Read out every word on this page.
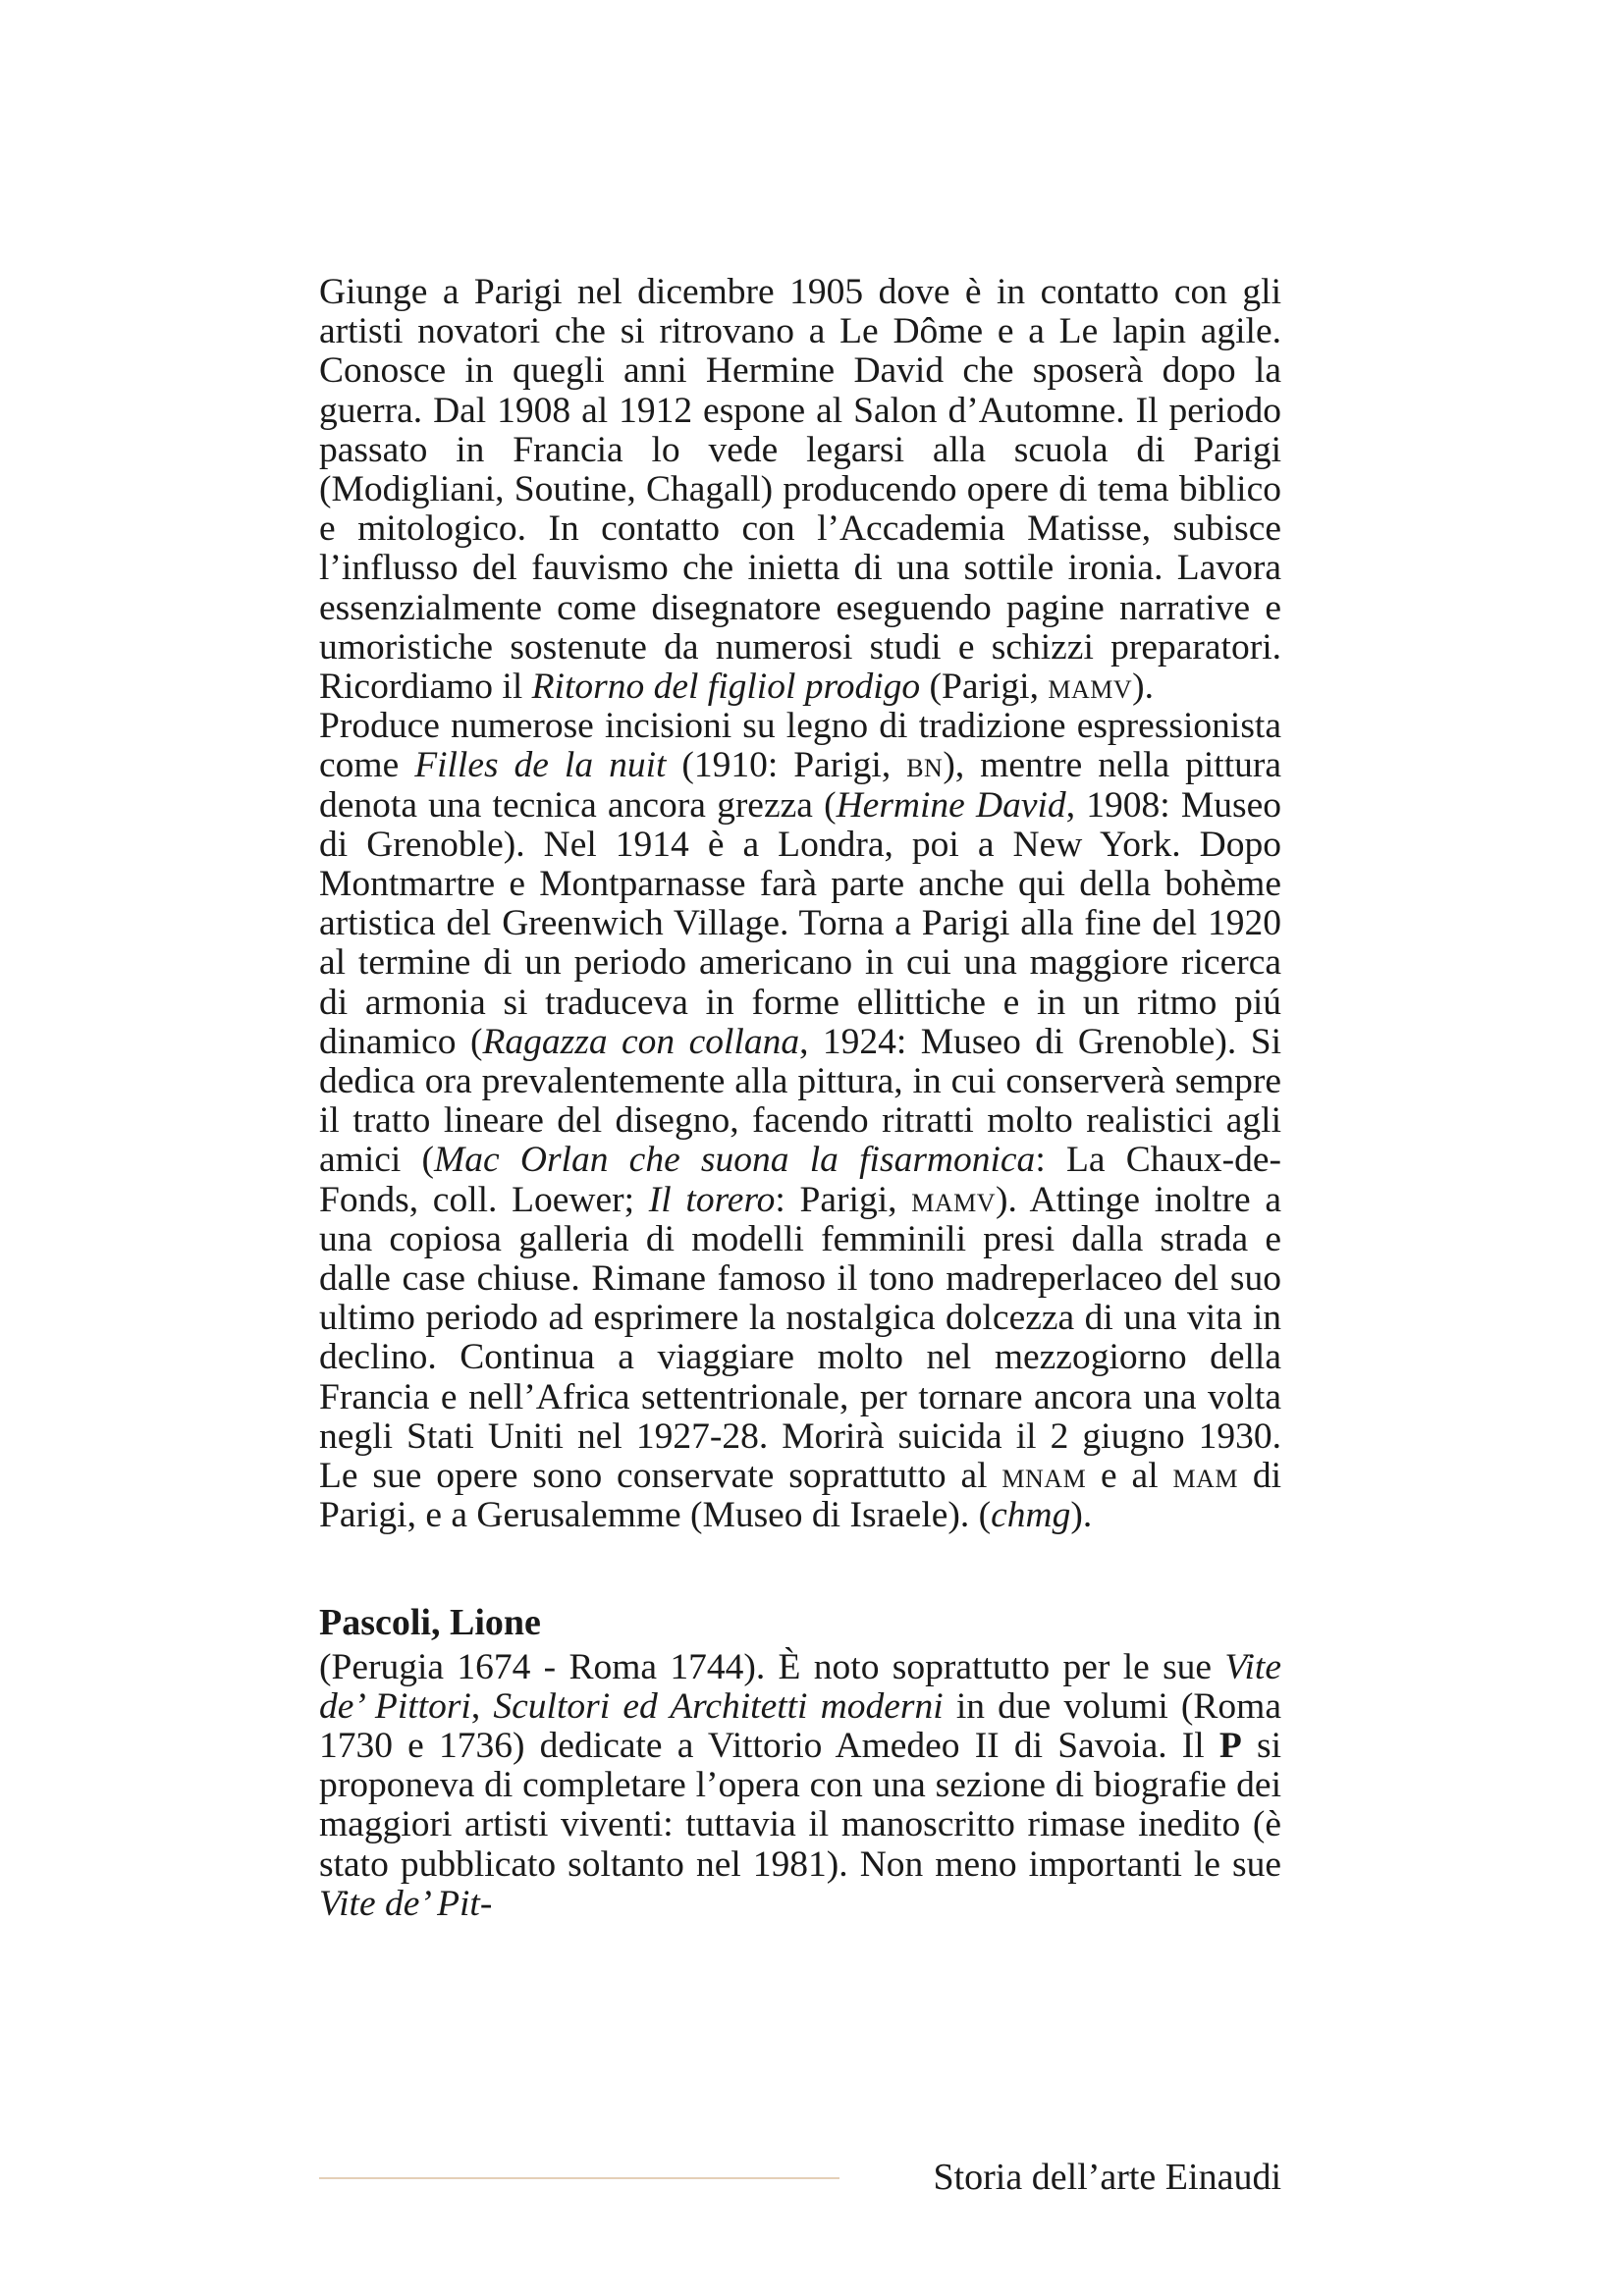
Giunge a Parigi nel dicembre 1905 dove è in contatto con gli artisti novatori che si ritrovano a Le Dôme e a Le lapin agile. Conosce in quegli anni Hermine David che sposerà dopo la guerra. Dal 1908 al 1912 espone al Salon d’Automne. Il periodo passato in Francia lo vede legarsi alla scuola di Parigi (Modigliani, Soutine, Chagall) producendo opere di tema biblico e mitologico. In contatto con l’Accademia Matisse, subisce l’influsso del fauvismo che inietta di una sottile ironia. Lavora essenzialmente come disegnatore eseguendo pagine narrative e umoristiche sostenute da numerosi studi e schizzi preparatori. Ricordiamo il Ritorno del figliol prodigo (Parigi, mamv).

Produce numerose incisioni su legno di tradizione espressionista come Filles de la nuit (1910: Parigi, bn), mentre nella pittura denota una tecnica ancora grezza (Hermine David, 1908: Museo di Grenoble). Nel 1914 è a Londra, poi a New York. Dopo Montmartre e Montparnasse farà parte anche qui della bohème artistica del Greenwich Village. Torna a Parigi alla fine del 1920 al termine di un periodo americano in cui una maggiore ricerca di armonia si traduceva in forme ellittiche e in un ritmo piú dinamico (Ragazza con collana, 1924: Museo di Grenoble). Si dedica ora prevalentemente alla pittura, in cui conserverà sempre il tratto lineare del disegno, facendo ritratti molto realistici agli amici (Mac Orlan che suona la fisarmonica: La Chaux-de-Fonds, coll. Loewer; Il torero: Parigi, mamv). Attinge inoltre a una copiosa galleria di modelli femminili presi dalla strada e dalle case chiuse. Rimane famoso il tono madreperlaceo del suo ultimo periodo ad esprimere la nostalgica dolcezza di una vita in declino. Continua a viaggiare molto nel mezzogiorno della Francia e nell’Africa settentrionale, per tornare ancora una volta negli Stati Uniti nel 1927-28. Morirà suicida il 2 giugno 1930. Le sue opere sono conservate soprattutto al mnam e al mam di Parigi, e a Gerusalemme (Museo di Israele). (chmg).

Pascoli, Lione

(Perugia 1674 - Roma 1744). È noto soprattutto per le sue Vite de’ Pittori, Scultori ed Architetti moderni in due volumi (Roma 1730 e 1736) dedicate a Vittorio Amedeo II di Savoia. Il P si proponeva di completare l’opera con una sezione di biografie dei maggiori artisti viventi: tuttavia il manoscritto rimase inedito (è stato pubblicato soltanto nel 1981). Non meno importanti le sue Vite de’ Pit-

Storia dell’arte Einaudi
